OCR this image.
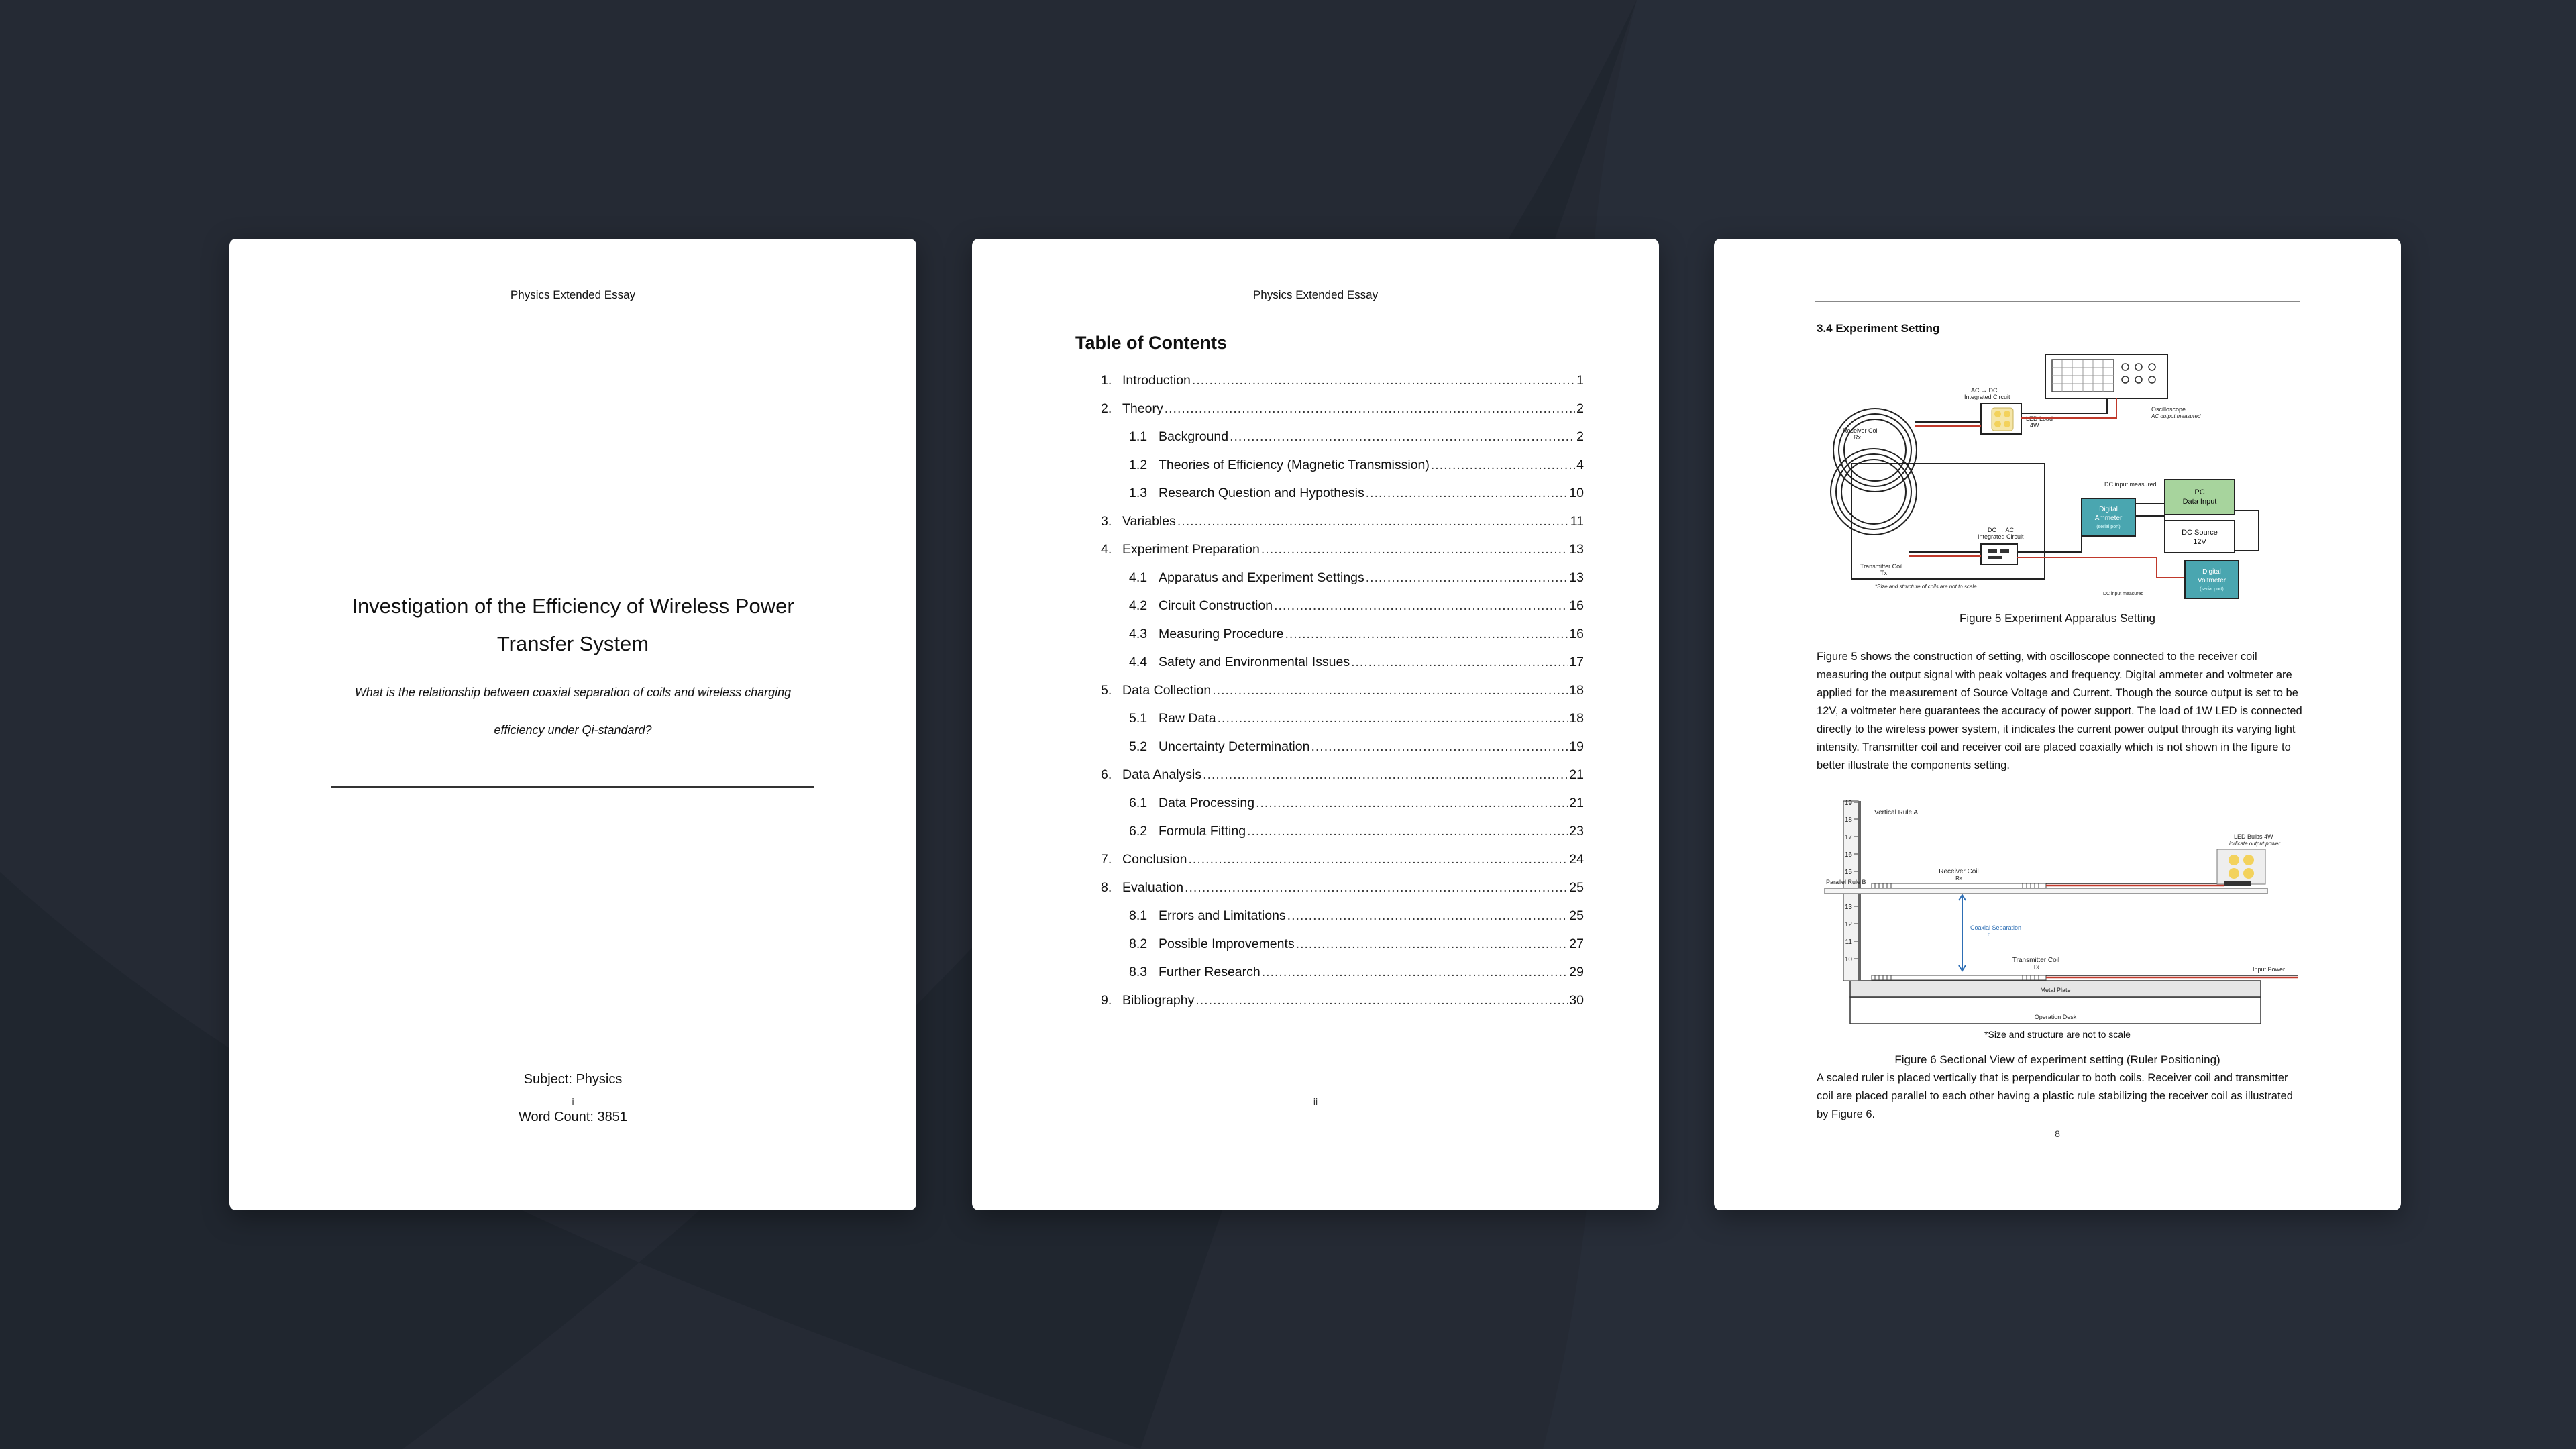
Physics Extended Essay
Investigation of the Efficiency of Wireless Power
Transfer System
What is the relationship between coaxial separation of coils and wireless charging
efficiency under Qi-standard?
Subject: Physics
Word Count: 3851
i
Physics Extended Essay
Table of Contents
1. Introduction .....	1
2. Theory .....	2
1.1 Background .....	2
1.2 Theories of Efficiency (Magnetic Transmission) .....	4
1.3 Research Question and Hypothesis .....	10
3. Variables .....	11
4. Experiment Preparation .....	13
4.1 Apparatus and Experiment Settings .....	13
4.2 Circuit Construction .....	16
4.3 Measuring Procedure .....	16
4.4 Safety and Environmental Issues .....	17
5. Data Collection .....	18
5.1 Raw Data .....	18
5.2 Uncertainty Determination .....	19
6. Data Analysis .....	21
6.1 Data Processing .....	21
6.2 Formula Fitting .....	23
7. Conclusion .....	24
8. Evaluation .....	25
8.1 Errors and Limitations .....	25
8.2 Possible Improvements .....	27
8.3 Further Research .....	29
9. Bibliography .....	30
ii
3.4 Experiment Setting
Oscilloscope
AC output measured
AC → DC
Integrated Circuit
LED Load
4W
Receiver Coil
Rx
Transmitter Coil
Tx
DC → AC
Integrated Circuit
DC input measured
PC
Data Input
Digital
Ammeter
(serial port)
DC Source
12V
Digital
Voltmeter
(serial port)
*Size and structure of coils are not to scale
DC input measured
Figure 5 Experiment Apparatus Setting
Figure 5 shows the construction of setting, with oscilloscope connected to the receiver coil measuring the output signal with peak voltages and frequency. Digital ammeter and voltmeter are applied for the measurement of Source Voltage and Current. Though the source output is set to be 12V, a voltmeter here guarantees the accuracy of power support. The load of 1W LED is connected directly to the wireless power system, it indicates the current power output through its varying light intensity. Transmitter coil and receiver coil are placed coaxially which is not shown in the figure to better illustrate the components setting.
Operation Desk
Metal Plate
19
18
17
16
15
13
12
11
10
Vertical Rule A
Parallel Rule B
Receiver Coil
Rx
LED Bulbs 4W
indicate output power
Coaxial Separation
d
Transmitter Coil
Tx	Input Power
*Size and structure are not to scale
Figure 6 Sectional View of experiment setting (Ruler Positioning)
A scaled ruler is placed vertically that is perpendicular to both coils. Receiver coil and transmitter coil are placed parallel to each other having a plastic rule stabilizing the receiver coil as illustrated by Figure 6.
8
